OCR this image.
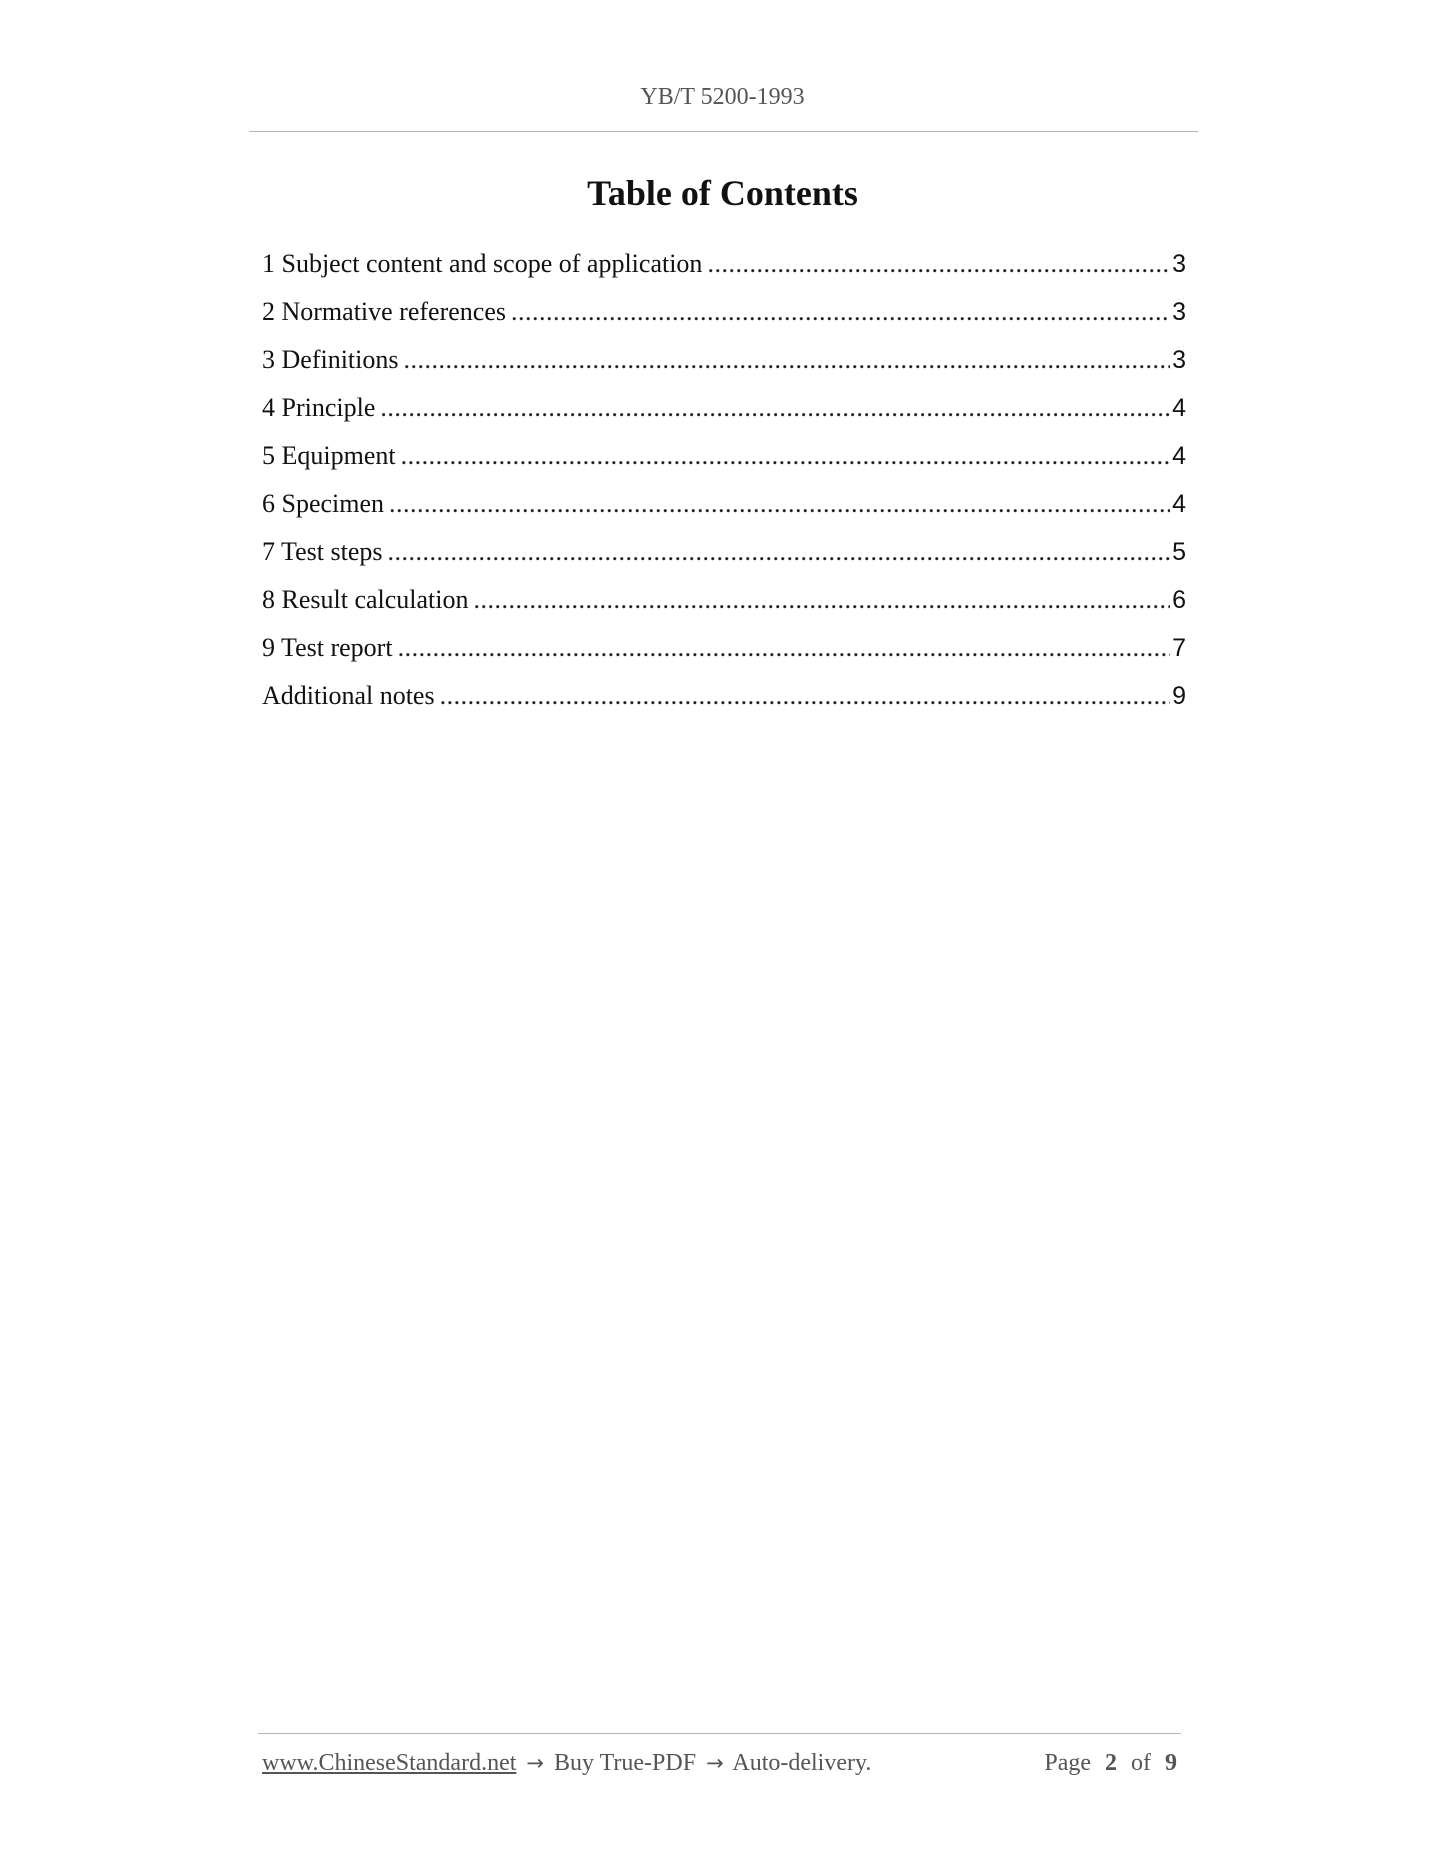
YB/T 5200-1993
Table of Contents
1 Subject content and scope of application .....	3
2 Normative references .....	3
3 Definitions .....	3
4 Principle .....	4
5 Equipment .....	4
6 Specimen .....	4
7 Test steps .....	5
8 Result calculation .....	6
9 Test report .....	7
Additional notes .....	9
www.ChineseStandard.net → Buy True-PDF → Auto-delivery.	Page 2 of 9
